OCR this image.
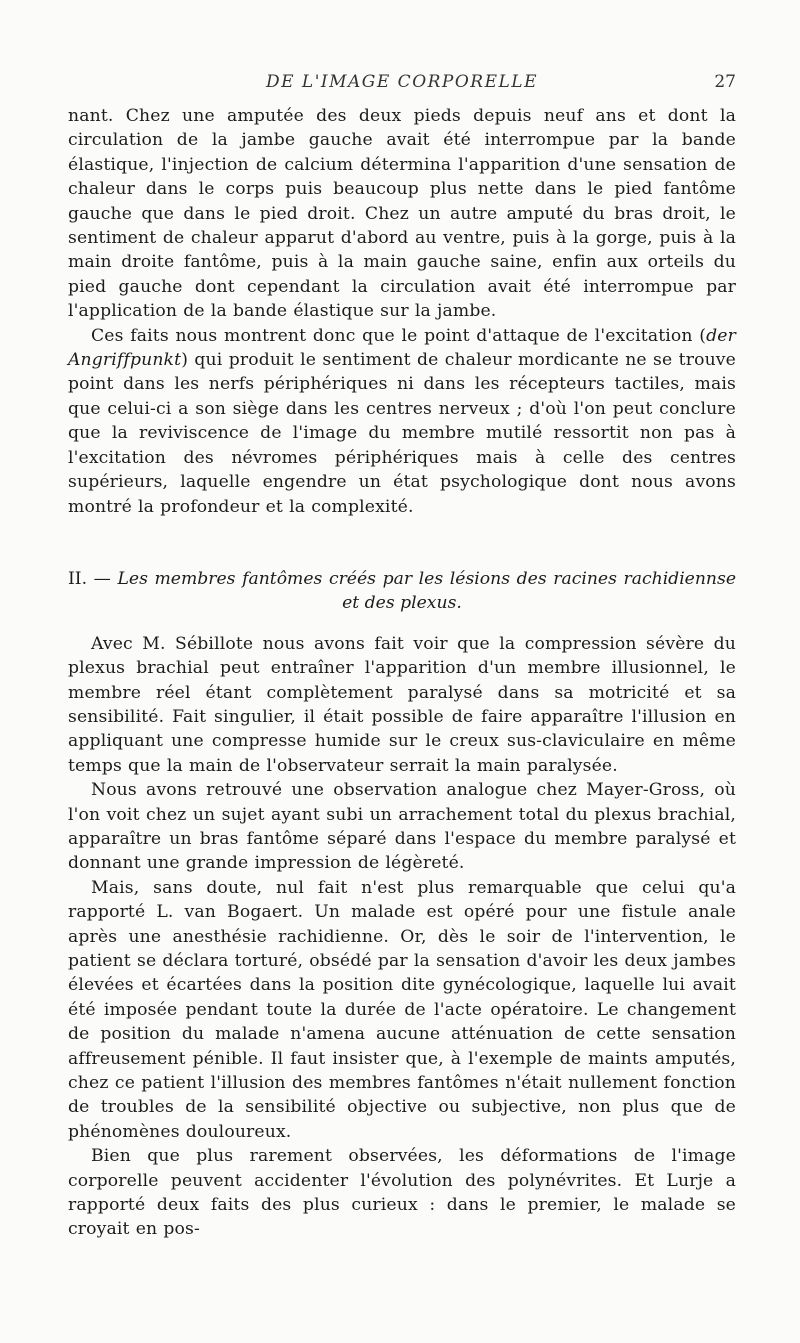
DE L'IMAGE CORPORELLE	27

nant. Chez une amputée des deux pieds depuis neuf ans et dont la circulation de la jambe gauche avait été interrompue par la bande élastique, l'injection de calcium détermina l'apparition d'une sensation de chaleur dans le corps puis beaucoup plus nette dans le pied fantôme gauche que dans le pied droit. Chez un autre amputé du bras droit, le sentiment de chaleur apparut d'abord au ventre, puis à la gorge, puis à la main droite fantôme, puis à la main gauche saine, enfin aux orteils du pied gauche dont cependant la circulation avait été interrompue par l'application de la bande élastique sur la jambe.

Ces faits nous montrent donc que le point d'attaque de l'excitation (der Angriffpunkt) qui produit le sentiment de chaleur mordicante ne se trouve point dans les nerfs périphériques ni dans les récepteurs tactiles, mais que celui-ci a son siège dans les centres nerveux ; d'où l'on peut conclure que la reviviscence de l'image du membre mutilé ressortit non pas à l'excitation des névromes périphériques mais à celle des centres supérieurs, laquelle engendre un état psychologique dont nous avons montré la profondeur et la complexité.

II. — Les membres fantômes créés par les lésions des racines rachidiennse
et des plexus.

Avec M. Sébillote nous avons fait voir que la compression sévère du plexus brachial peut entraîner l'apparition d'un membre illusionnel, le membre réel étant complètement paralysé dans sa motricité et sa sensibilité. Fait singulier, il était possible de faire apparaître l'illusion en appliquant une compresse humide sur le creux sus-claviculaire en même temps que la main de l'observateur serrait la main paralysée.

Nous avons retrouvé une observation analogue chez Mayer-Gross, où l'on voit chez un sujet ayant subi un arrachement total du plexus brachial, apparaître un bras fantôme séparé dans l'espace du membre paralysé et donnant une grande impression de légèreté.

Mais, sans doute, nul fait n'est plus remarquable que celui qu'a rapporté L. van Bogaert. Un malade est opéré pour une fistule anale après une anesthésie rachidienne. Or, dès le soir de l'intervention, le patient se déclara torturé, obsédé par la sensation d'avoir les deux jambes élevées et écartées dans la position dite gynécologique, laquelle lui avait été imposée pendant toute la durée de l'acte opératoire. Le changement de position du malade n'amena aucune atténuation de cette sensation affreusement pénible. Il faut insister que, à l'exemple de maints amputés, chez ce patient l'illusion des membres fantômes n'était nullement fonction de troubles de la sensibilité objective ou subjective, non plus que de phénomènes douloureux.

Bien que plus rarement observées, les déformations de l'image corporelle peuvent accidenter l'évolution des polynévrites. Et Lurje a rapporté deux faits des plus curieux : dans le premier, le malade se croyait en pos-
